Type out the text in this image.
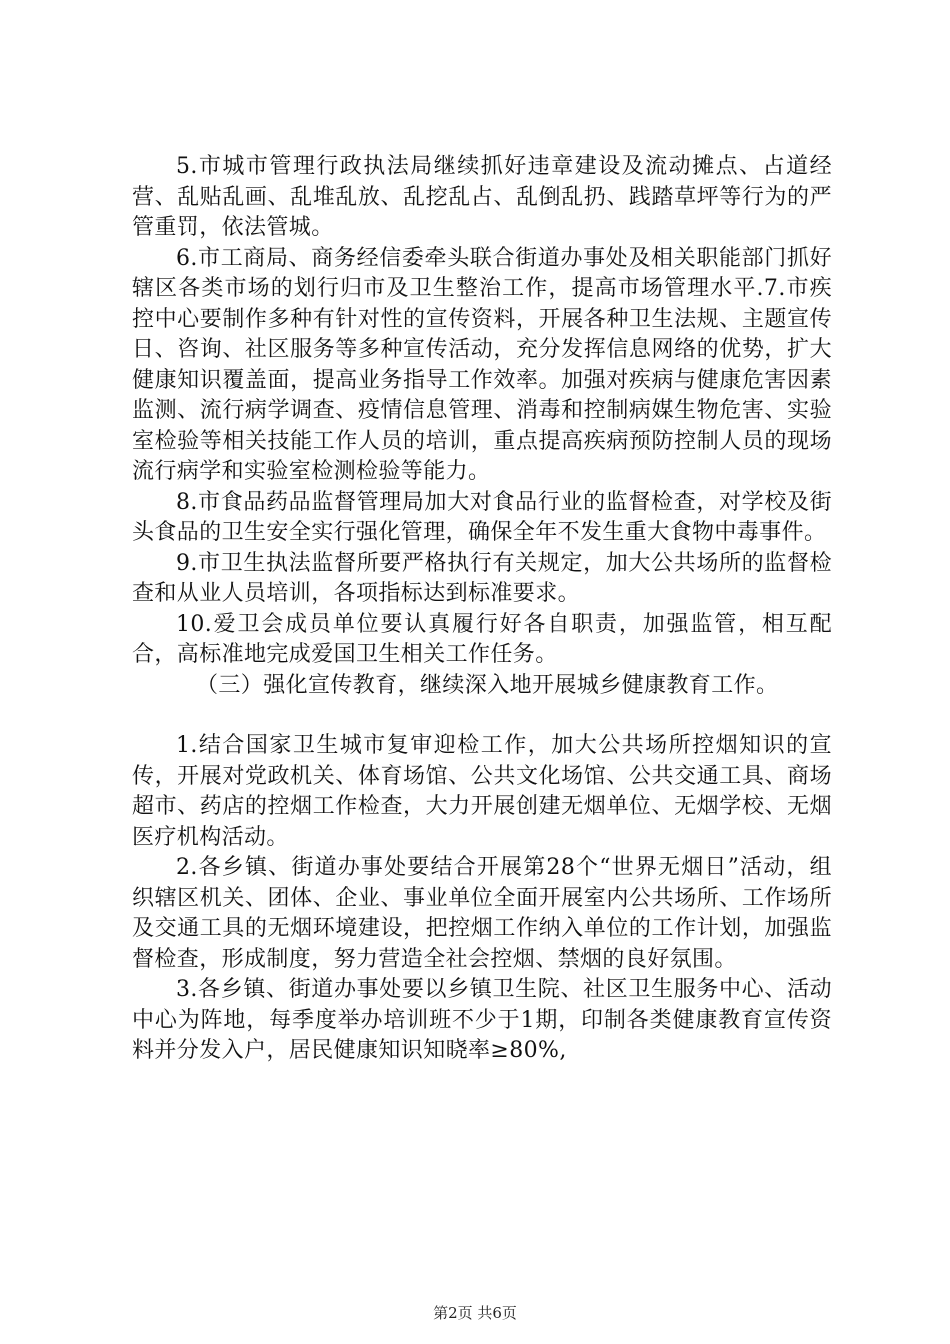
5.市城市管理行政执法局继续抓好违章建设及流动摊点、占道经营、乱贴乱画、乱堆乱放、乱挖乱占、乱倒乱扔、践踏草坪等行为的严管重罚，依法管城。

6.市工商局、商务经信委牵头联合街道办事处及相关职能部门抓好辖区各类市场的划行归市及卫生整治工作，提高市场管理水平.7.市疾控中心要制作多种有针对性的宣传资料，开展各种卫生法规、主题宣传日、咨询、社区服务等多种宣传活动，充分发挥信息网络的优势，扩大健康知识覆盖面，提高业务指导工作效率。加强对疾病与健康危害因素监测、流行病学调查、疫情信息管理、消毒和控制病媒生物危害、实验室检验等相关技能工作人员的培训，重点提高疾病预防控制人员的现场流行病学和实验室检测检验等能力。

8.市食品药品监督管理局加大对食品行业的监督检查，对学校及街头食品的卫生安全实行强化管理，确保全年不发生重大食物中毒事件。

9.市卫生执法监督所要严格执行有关规定，加大公共场所的监督检查和从业人员培训，各项指标达到标准要求。

10.爱卫会成员单位要认真履行好各自职责，加强监管，相互配合，高标准地完成爱国卫生相关工作任务。

（三）强化宣传教育，继续深入地开展城乡健康教育工作。

1.结合国家卫生城市复审迎检工作，加大公共场所控烟知识的宣传，开展对党政机关、体育场馆、公共文化场馆、公共交通工具、商场超市、药店的控烟工作检查，大力开展创建无烟单位、无烟学校、无烟医疗机构活动。

2.各乡镇、街道办事处要结合开展第28个“世界无烟日”活动，组织辖区机关、团体、企业、事业单位全面开展室内公共场所、工作场所及交通工具的无烟环境建设，把控烟工作纳入单位的工作计划，加强监督检查，形成制度，努力营造全社会控烟、禁烟的良好氛围。

3.各乡镇、街道办事处要以乡镇卫生院、社区卫生服务中心、活动中心为阵地，每季度举办培训班不少于1期，印制各类健康教育宣传资料并分发入户，居民健康知识知晓率≥80%,

第2页 共6页
